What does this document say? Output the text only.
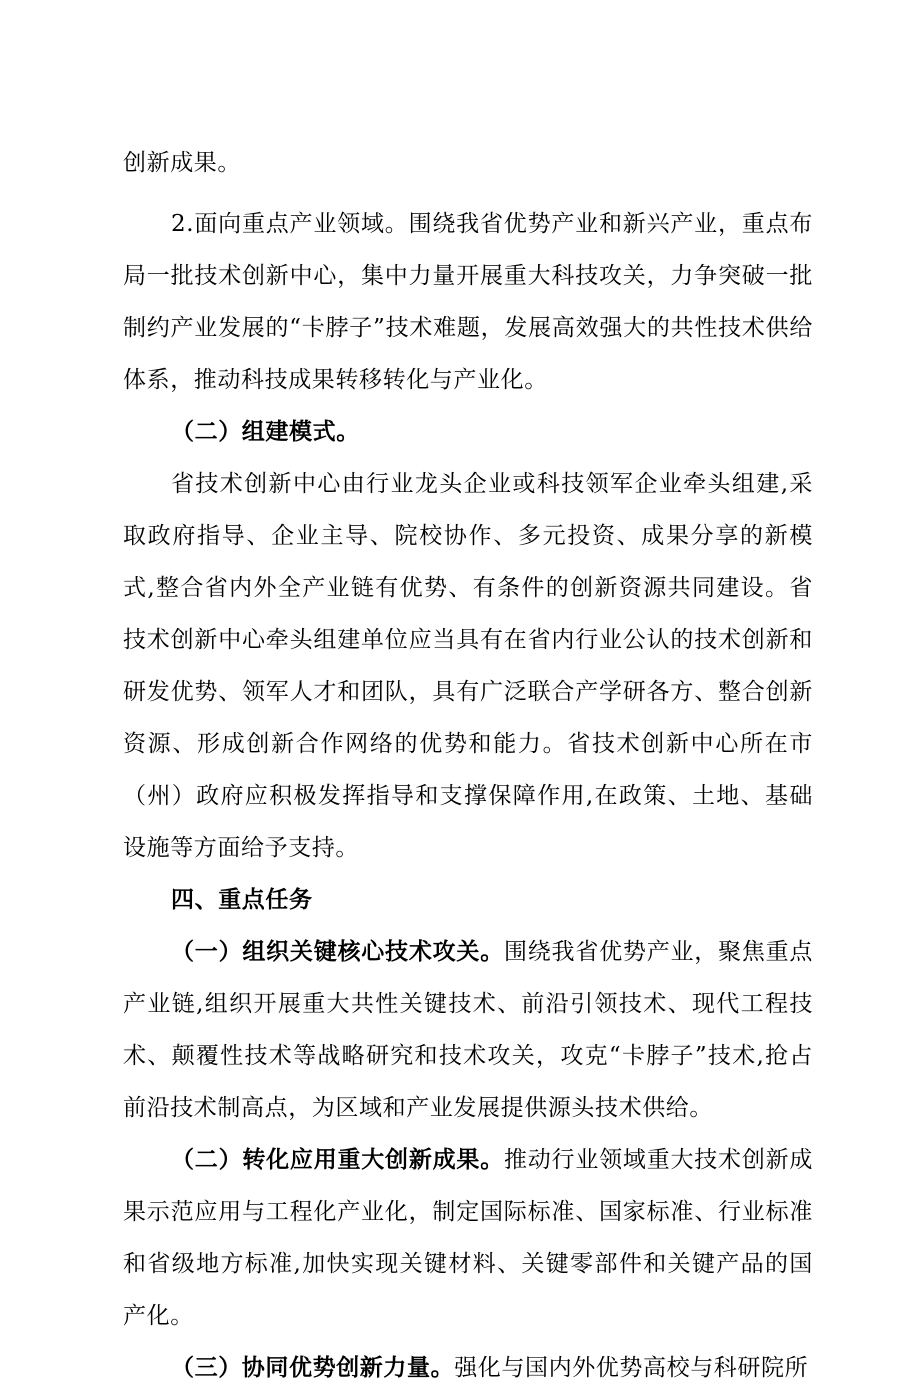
创新成果。

2.面向重点产业领域。围绕我省优势产业和新兴产业，重点布局一批技术创新中心，集中力量开展重大科技攻关，力争突破一批制约产业发展的“卡脖子”技术难题，发展高效强大的共性技术供给体系，推动科技成果转移转化与产业化。

（二）组建模式。

省技术创新中心由行业龙头企业或科技领军企业牵头组建,采取政府指导、企业主导、院校协作、多元投资、成果分享的新模式,整合省内外全产业链有优势、有条件的创新资源共同建设。省技术创新中心牵头组建单位应当具有在省内行业公认的技术创新和研发优势、领军人才和团队，具有广泛联合产学研各方、整合创新资源、形成创新合作网络的优势和能力。省技术创新中心所在市（州）政府应积极发挥指导和支撑保障作用,在政策、土地、基础设施等方面给予支持。

四、重点任务

（一）组织关键核心技术攻关。围绕我省优势产业，聚焦重点产业链,组织开展重大共性关键技术、前沿引领技术、现代工程技术、颠覆性技术等战略研究和技术攻关，攻克“卡脖子”技术,抢占前沿技术制高点，为区域和产业发展提供源头技术供给。

（二）转化应用重大创新成果。推动行业领域重大技术创新成果示范应用与工程化产业化，制定国际标准、国家标准、行业标准和省级地方标准,加快实现关键材料、关键零部件和关键产品的国产化。

（三）协同优势创新力量。强化与国内外优势高校与科研院所
